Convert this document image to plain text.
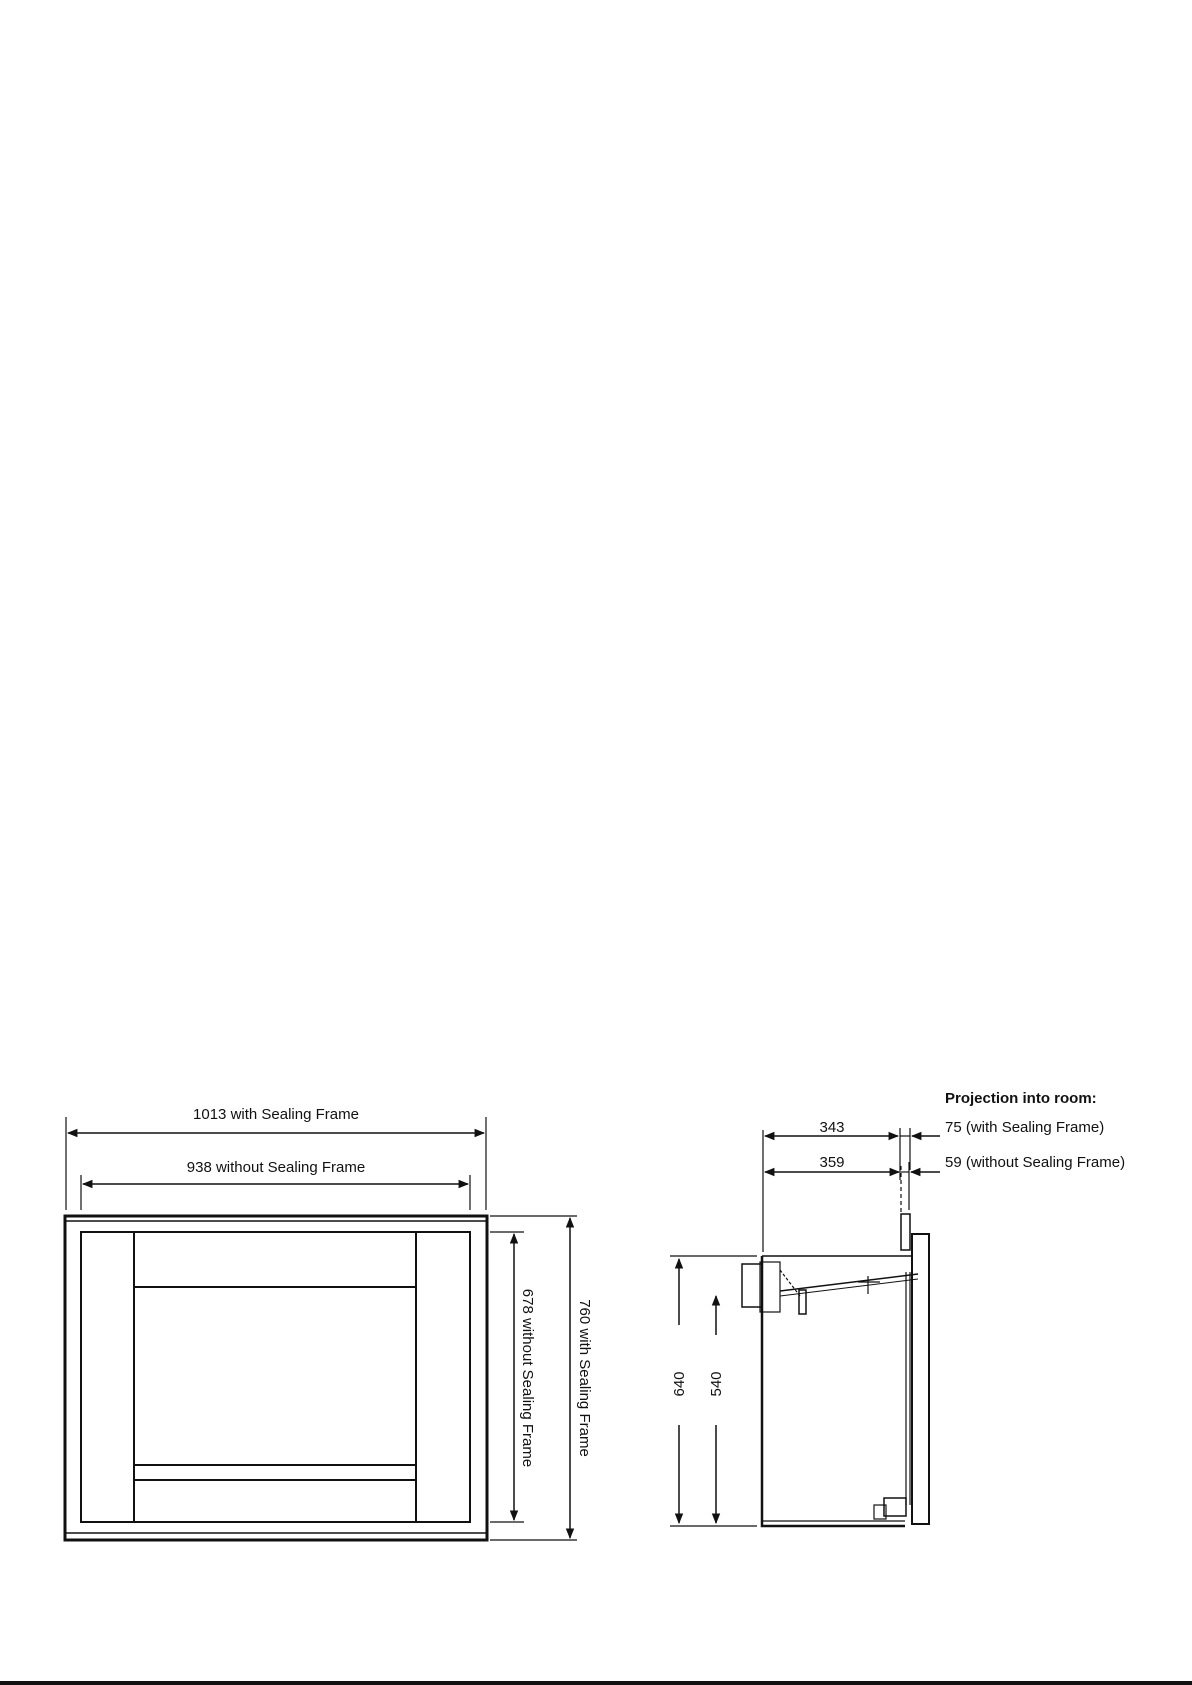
1013 with Sealing Frame
938 without Sealing Frame
678 without Sealing Frame	760 with Sealing Frame
Projection into room:
343
359
75 (with Sealing Frame)
59 (without Sealing Frame)
640 540
